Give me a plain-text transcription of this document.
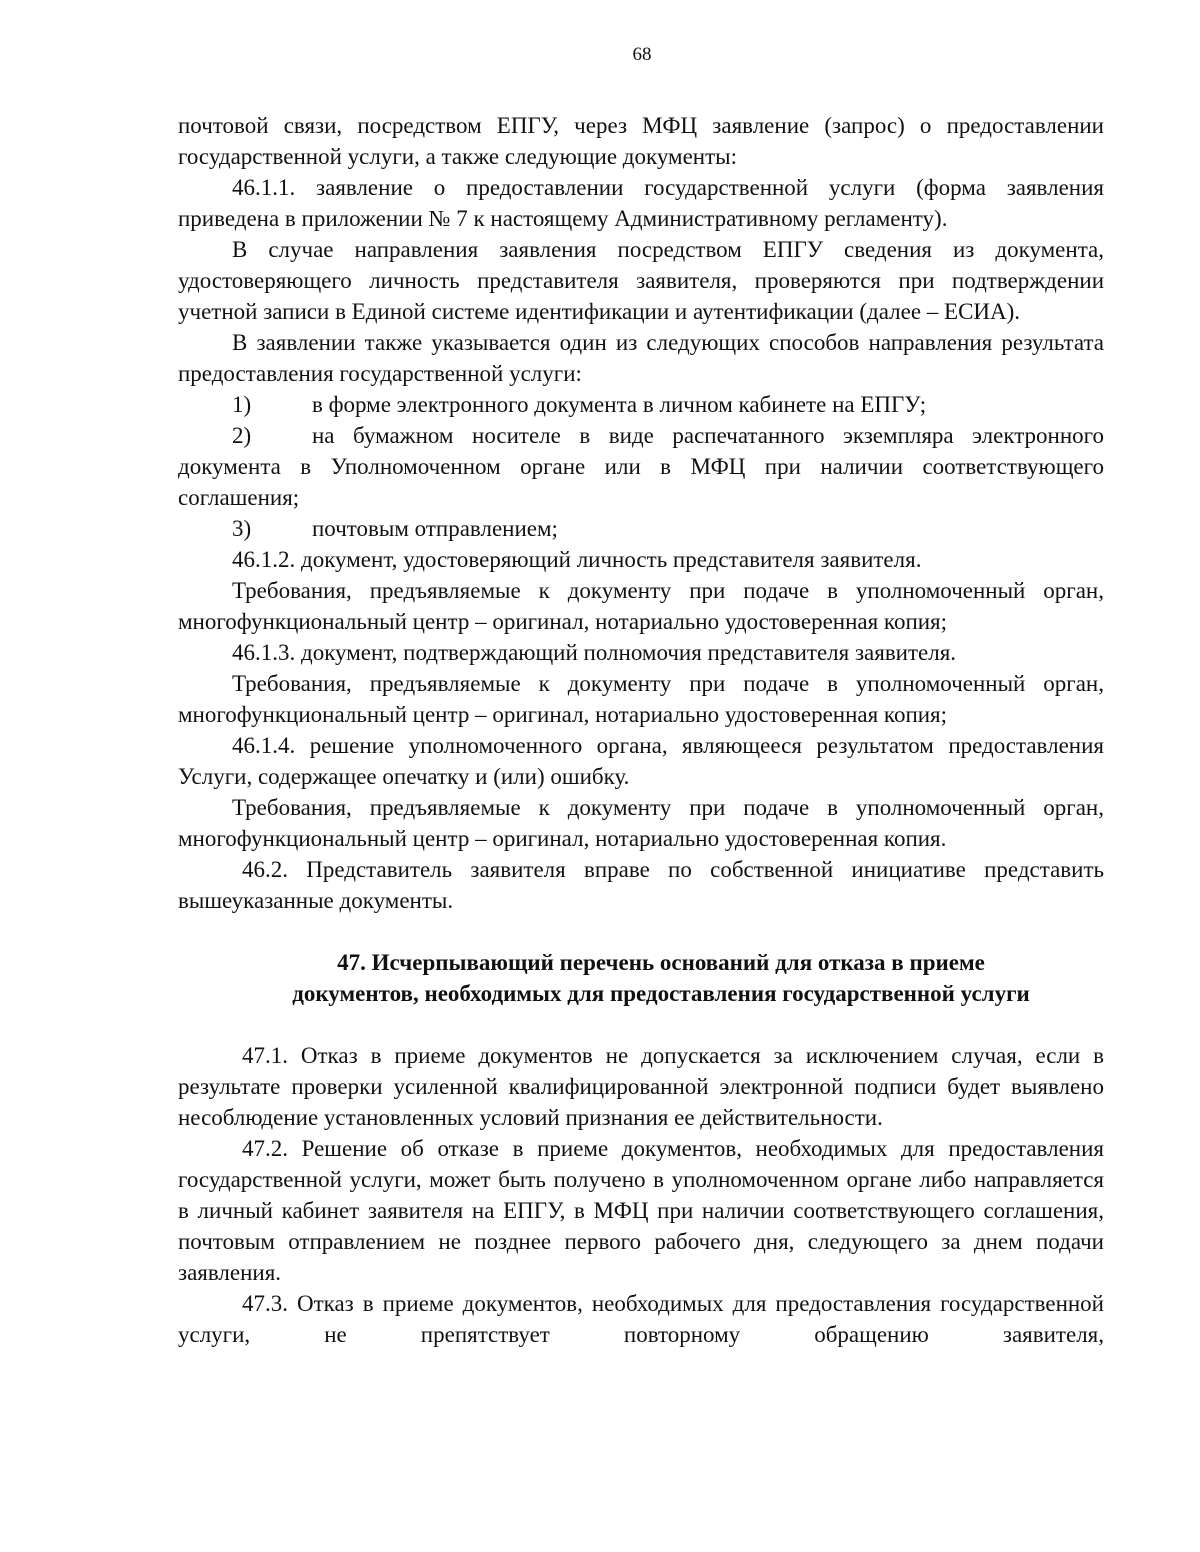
68

почтовой связи, посредством ЕПГУ, через МФЦ заявление (запрос) о предоставлении государственной услуги, а также следующие документы:

46.1.1. заявление о предоставлении государственной услуги (форма заявления приведена в приложении № 7 к настоящему Административному регламенту).

В случае направления заявления посредством ЕПГУ сведения из документа, удостоверяющего личность представителя заявителя, проверяются при подтверждении учетной записи в Единой системе идентификации и аутентификации (далее – ЕСИА).

В заявлении также указывается один из следующих способов направления результата предоставления государственной услуги:

1)	в форме электронного документа в личном кабинете на ЕПГУ;

2)	на бумажном носителе в виде распечатанного экземпляра электронного документа в Уполномоченном органе или в МФЦ при наличии соответствующего соглашения;

3)	почтовым отправлением;

46.1.2. документ, удостоверяющий личность представителя заявителя.

Требования, предъявляемые к документу при подаче в уполномоченный орган, многофункциональный центр – оригинал, нотариально удостоверенная копия;

46.1.3. документ, подтверждающий полномочия представителя заявителя.

Требования, предъявляемые к документу при подаче в уполномоченный орган, многофункциональный центр – оригинал, нотариально удостоверенная копия;

46.1.4. решение уполномоченного органа, являющееся результатом предоставления Услуги, содержащее опечатку и (или) ошибку.

Требования, предъявляемые к документу при подаче в уполномоченный орган, многофункциональный центр – оригинал, нотариально удостоверенная копия.

46.2. Представитель заявителя вправе по собственной инициативе представить вышеуказанные документы.

47. Исчерпывающий перечень оснований для отказа в приеме
документов, необходимых для предоставления государственной услуги

47.1. Отказ в приеме документов не допускается за исключением случая, если в результате проверки усиленной квалифицированной электронной подписи будет выявлено несоблюдение установленных условий признания ее действительности.

47.2. Решение об отказе в приеме документов, необходимых для предоставления государственной услуги, может быть получено в уполномоченном органе либо направляется в личный кабинет заявителя на ЕПГУ, в МФЦ при наличии соответствующего соглашения, почтовым отправлением не позднее первого рабочего дня, следующего за днем подачи заявления.

47.3. Отказ в приеме документов, необходимых для предоставления государственной услуги, не препятствует повторному обращению заявителя,
